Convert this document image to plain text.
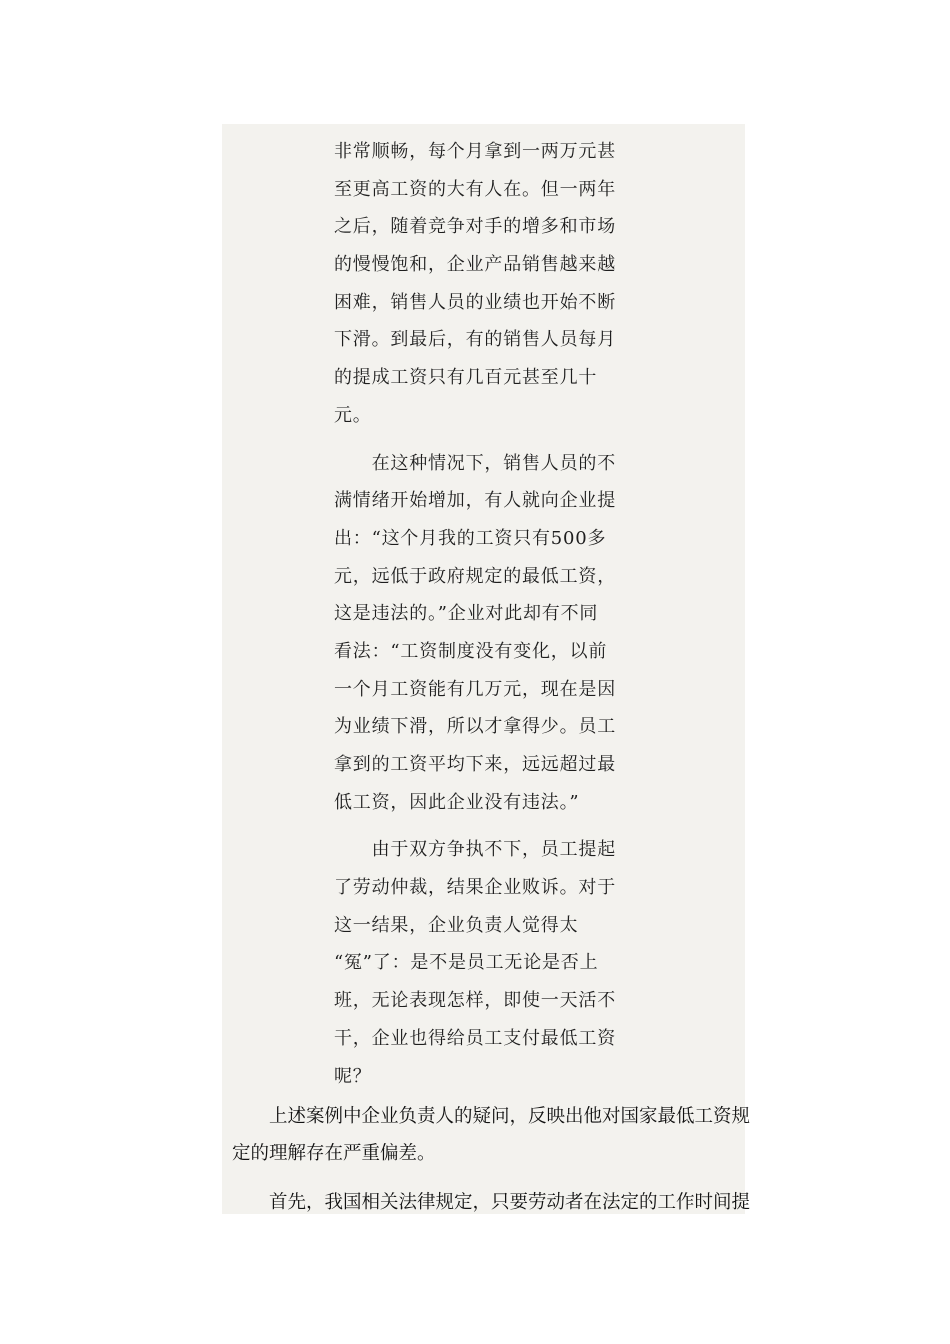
非常顺畅，每个月拿到一两万元甚
至更高工资的大有人在。但一两年
之后，随着竞争对手的增多和市场
的慢慢饱和，企业产品销售越来越
困难，销售人员的业绩也开始不断
下滑。到最后，有的销售人员每月
的提成工资只有几百元甚至几十
元。
　　在这种情况下，销售人员的不
满情绪开始增加，有人就向企业提
出：“这个月我的工资只有500多
元，远低于政府规定的最低工资，
这是违法的。”企业对此却有不同
看法：“工资制度没有变化，以前
一个月工资能有几万元，现在是因
为业绩下滑，所以才拿得少。员工
拿到的工资平均下来，远远超过最
低工资，因此企业没有违法。”
　　由于双方争执不下，员工提起
了劳动仲裁，结果企业败诉。对于
这一结果，企业负责人觉得太
“冤”了：是不是员工无论是否上
班，无论表现怎样，即使一天活不
干，企业也得给员工支付最低工资
呢？
　　上述案例中企业负责人的疑问，反映出他对国家最低工资规
定的理解存在严重偏差。
　　首先，我国相关法律规定，只要劳动者在法定的工作时间提
